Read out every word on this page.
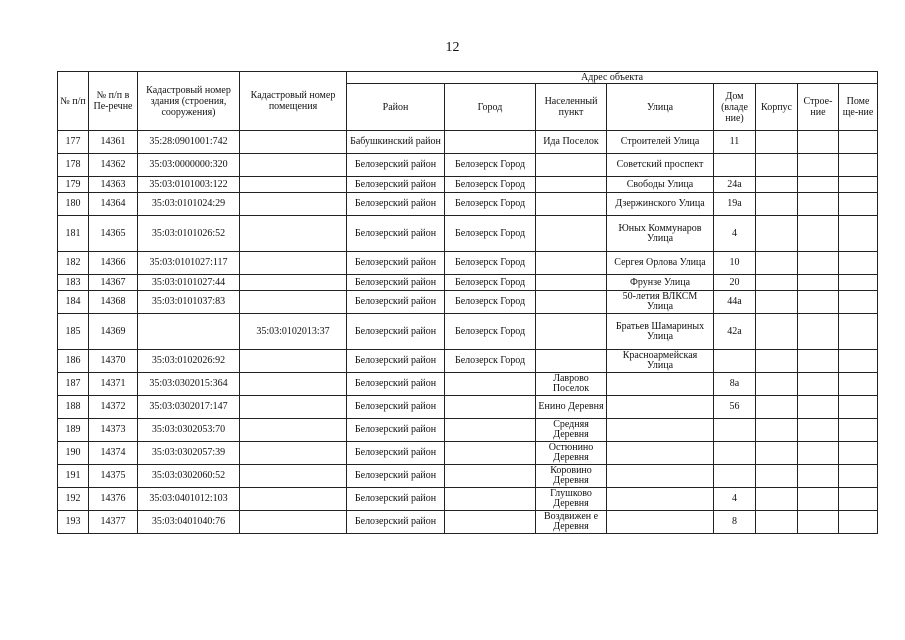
12
№ п/п	№ п/п в Пе-речне	Кадастровый номер здания (строения, сооружения)	Кадастровый номер помещения	Адрес объекта							
				Район	Город	Населенный пункт	Улица	Дом (владе ние)	Корпус	Строе-ние	Поме ще-ние
177	14361	35:28:0901001:742		Бабушкинский район		Ида Поселок	Строителей Улица	11			
178	14362	35:03:0000000:320		Белозерский район	Белозерск Город		Советский проспект				
179	14363	35:03:0101003:122		Белозерский район	Белозерск Город		Свободы Улица	24а			
180	14364	35:03:0101024:29		Белозерский район	Белозерск Город		Дзержинского Улица	19а			
181	14365	35:03:0101026:52		Белозерский район	Белозерск Город		Юных Коммунаров Улица	4			
182	14366	35:03:0101027:117		Белозерский район	Белозерск Город		Сергея Орлова Улица	10			
183	14367	35:03:0101027:44		Белозерский район	Белозерск Город		Фрунзе Улица	20			
184	14368	35:03:0101037:83		Белозерский район	Белозерск Город		50-летия ВЛКСМ Улица	44а			
185	14369		35:03:0102013:37	Белозерский район	Белозерск Город		Братьев Шамариных Улица	42а			
186	14370	35:03:0102026:92		Белозерский район	Белозерск Город		Красноармейская Улица				
187	14371	35:03:0302015:364		Белозерский район		Лаврово Поселок		8а			
188	14372	35:03:0302017:147		Белозерский район		Енино Деревня		56			
189	14373	35:03:0302053:70		Белозерский район		Средняя Деревня					
190	14374	35:03:0302057:39		Белозерский район		Остюнино Деревня					
191	14375	35:03:0302060:52		Белозерский район		Коровино Деревня					
192	14376	35:03:0401012:103		Белозерский район		Глушково Деревня		4			
193	14377	35:03:0401040:76		Белозерский район		Воздвижен е Деревня		8			
